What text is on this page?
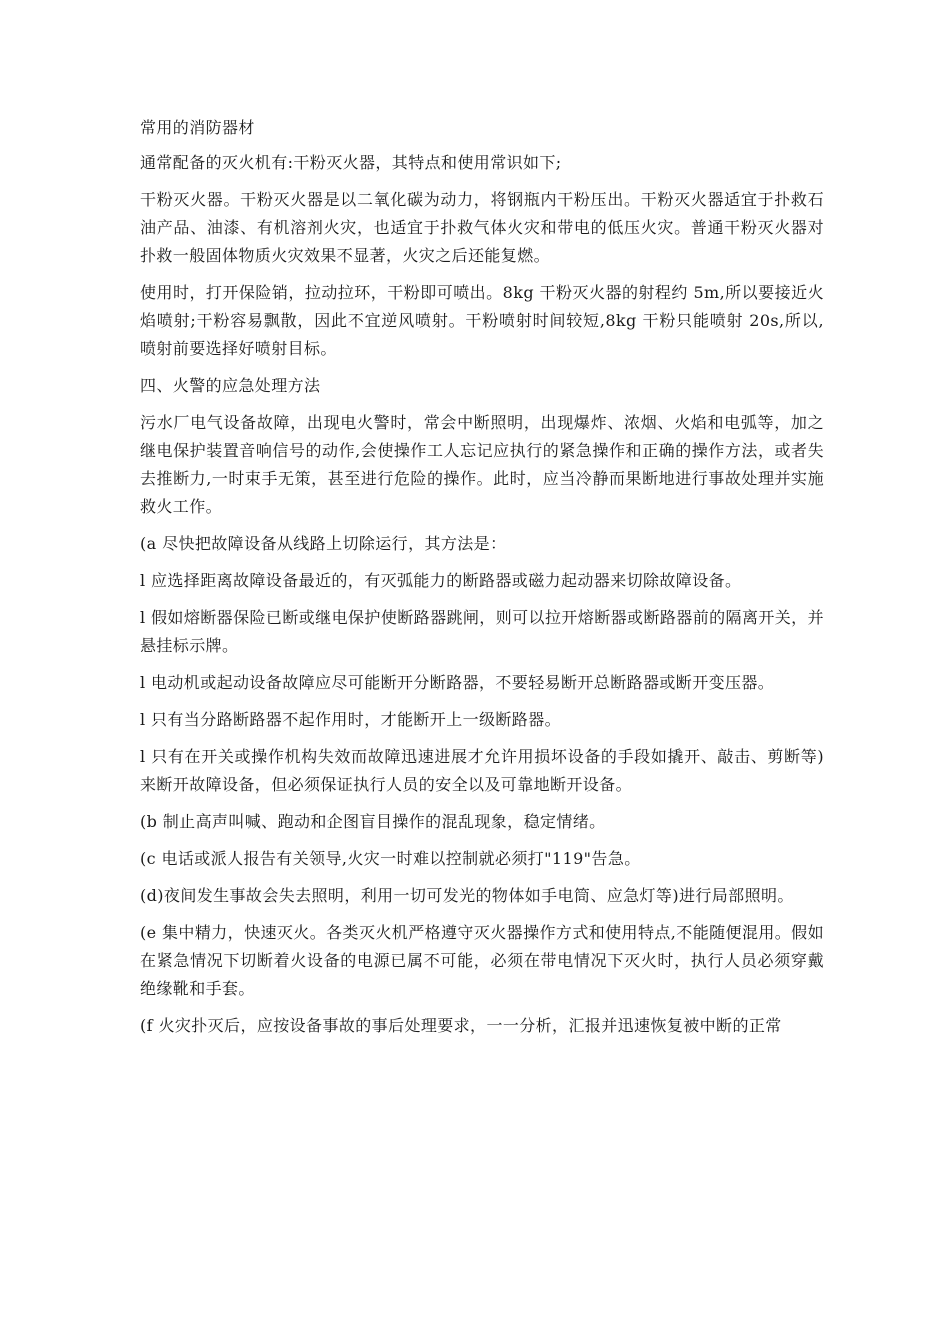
常用的消防器材

通常配备的灭火机有:干粉灭火器，其特点和使用常识如下;

干粉灭火器。干粉灭火器是以二氧化碳为动力，将钢瓶内干粉压出。干粉灭火器适宜于扑救石油产品、油漆、有机溶剂火灾，也适宜于扑救气体火灾和带电的低压火灾。普通干粉灭火器对扑救一般固体物质火灾效果不显著，火灾之后还能复燃。

使用时，打开保险销，拉动拉环，干粉即可喷出。8kg 干粉灭火器的射程约 5m,所以要接近火焰喷射;干粉容易飘散，因此不宜逆风喷射。干粉喷射时间较短,8kg 干粉只能喷射 20s,所以,喷射前要选择好喷射目标。

四、火警的应急处理方法

污水厂电气设备故障，出现电火警时，常会中断照明，出现爆炸、浓烟、火焰和电弧等，加之继电保护装置音响信号的动作,会使操作工人忘记应执行的紧急操作和正确的操作方法，或者失去推断力,一时束手无策，甚至进行危险的操作。此时，应当冷静而果断地进行事故处理并实施救火工作。

(a 尽快把故障设备从线路上切除运行，其方法是：

l 应选择距离故障设备最近的，有灭弧能力的断路器或磁力起动器来切除故障设备。

l 假如熔断器保险已断或继电保护使断路器跳闸，则可以拉开熔断器或断路器前的隔离开关，并悬挂标示牌。

l 电动机或起动设备故障应尽可能断开分断路器，不要轻易断开总断路器或断开变压器。

l 只有当分路断路器不起作用时，才能断开上一级断路器。

l 只有在开关或操作机构失效而故障迅速进展才允许用损坏设备的手段如撬开、敲击、剪断等)来断开故障设备，但必须保证执行人员的安全以及可靠地断开设备。

(b 制止高声叫喊、跑动和企图盲目操作的混乱现象，稳定情绪。

(c 电话或派人报告有关领导,火灾一时难以控制就必须打"119"告急。

(d)夜间发生事故会失去照明，利用一切可发光的物体如手电筒、应急灯等)进行局部照明。

(e 集中精力，快速灭火。各类灭火机严格遵守灭火器操作方式和使用特点,不能随便混用。假如在紧急情况下切断着火设备的电源已属不可能，必须在带电情况下灭火时，执行人员必须穿戴绝缘靴和手套。

(f 火灾扑灭后，应按设备事故的事后处理要求，一一分析，汇报并迅速恢复被中断的正常
